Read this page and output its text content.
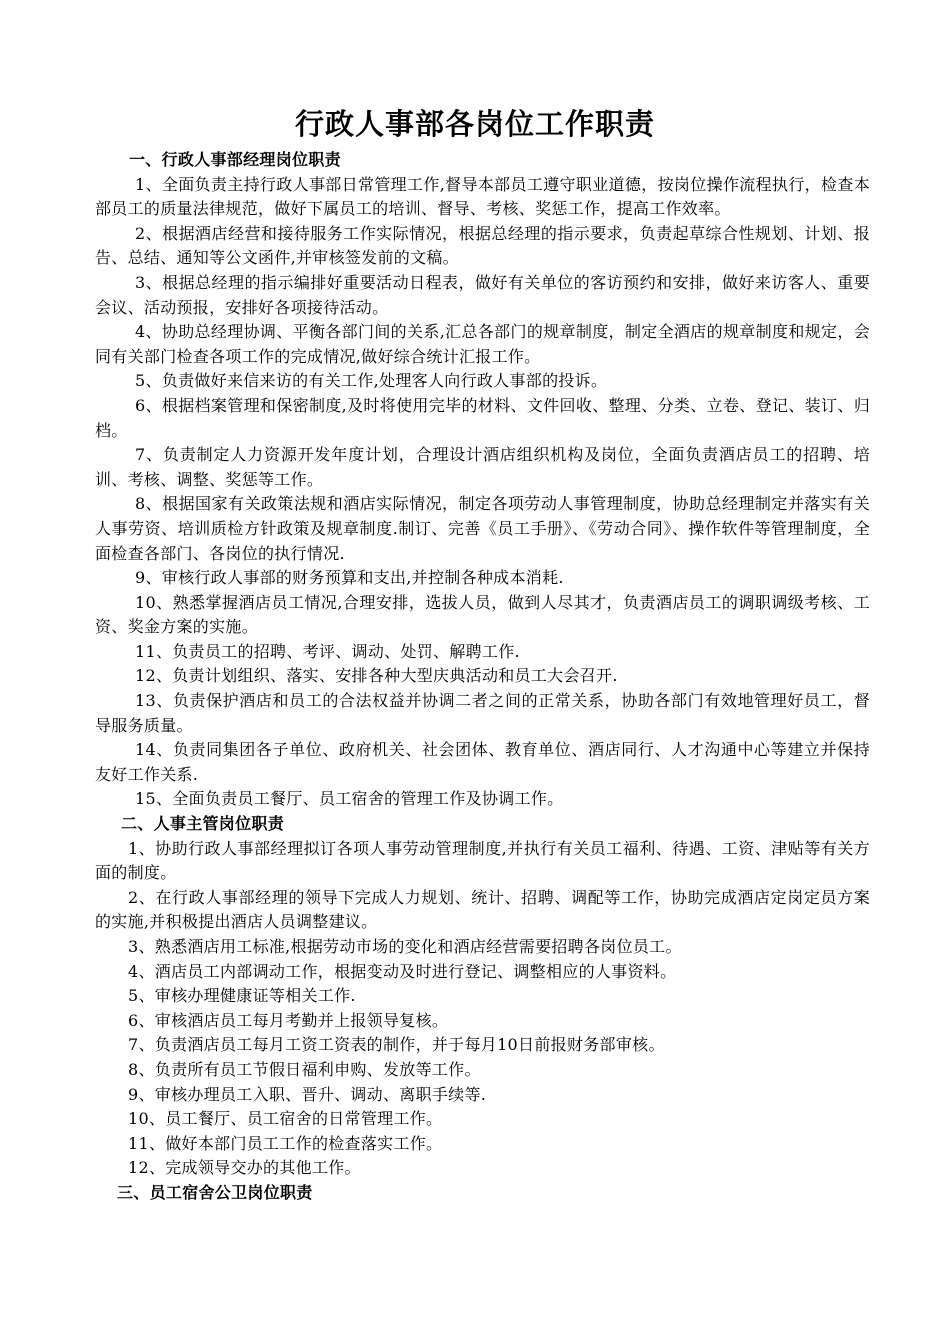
行政人事部各岗位工作职责

一、行政人事部经理岗位职责

1、全面负责主持行政人事部日常管理工作,督导本部员工遵守职业道德，按岗位操作流程执行，检查本部员工的质量法律规范，做好下属员工的培训、督导、考核、奖惩工作，提高工作效率。

2、根据酒店经营和接待服务工作实际情况，根据总经理的指示要求，负责起草综合性规划、计划、报告、总结、通知等公文函件,并审核签发前的文稿。

3、根据总经理的指示编排好重要活动日程表，做好有关单位的客访预约和安排，做好来访客人、重要会议、活动预报，安排好各项接待活动。

4、协助总经理协调、平衡各部门间的关系,汇总各部门的规章制度，制定全酒店的规章制度和规定，会同有关部门检查各项工作的完成情况,做好综合统计汇报工作。

5、负责做好来信来访的有关工作,处理客人向行政人事部的投诉。

6、根据档案管理和保密制度,及时将使用完毕的材料、文件回收、整理、分类、立卷、登记、装订、归档。

7、负责制定人力资源开发年度计划，合理设计酒店组织机构及岗位，全面负责酒店员工的招聘、培训、考核、调整、奖惩等工作。

8、根据国家有关政策法规和酒店实际情况，制定各项劳动人事管理制度，协助总经理制定并落实有关人事劳资、培训质检方针政策及规章制度.制订、完善《员工手册》、《劳动合同》、操作软件等管理制度，全面检查各部门、各岗位的执行情况.

9、审核行政人事部的财务预算和支出,并控制各种成本消耗.

10、熟悉掌握酒店员工情况,合理安排，选拔人员，做到人尽其才，负责酒店员工的调职调级考核、工资、奖金方案的实施。

11、负责员工的招聘、考评、调动、处罚、解聘工作.

12、负责计划组织、落实、安排各种大型庆典活动和员工大会召开.

13、负责保护酒店和员工的合法权益并协调二者之间的正常关系，协助各部门有效地管理好员工，督导服务质量。

14、负责同集团各子单位、政府机关、社会团体、教育单位、酒店同行、人才沟通中心等建立并保持友好工作关系.

15、全面负责员工餐厅、员工宿舍的管理工作及协调工作。

二、人事主管岗位职责

1、协助行政人事部经理拟订各项人事劳动管理制度,并执行有关员工福利、待遇、工资、津贴等有关方面的制度。

2、在行政人事部经理的领导下完成人力规划、统计、招聘、调配等工作，协助完成酒店定岗定员方案的实施,并积极提出酒店人员调整建议。

3、熟悉酒店用工标准,根据劳动市场的变化和酒店经营需要招聘各岗位员工。

4、酒店员工内部调动工作，根据变动及时进行登记、调整相应的人事资料。

5、审核办理健康证等相关工作.

6、审核酒店员工每月考勤并上报领导复核。

7、负责酒店员工每月工资工资表的制作，并于每月10日前报财务部审核。

8、负责所有员工节假日福利申购、发放等工作。

9、审核办理员工入职、晋升、调动、离职手续等.

10、员工餐厅、员工宿舍的日常管理工作。

11、做好本部门员工工作的检查落实工作。

12、完成领导交办的其他工作。

三、员工宿舍公卫岗位职责
